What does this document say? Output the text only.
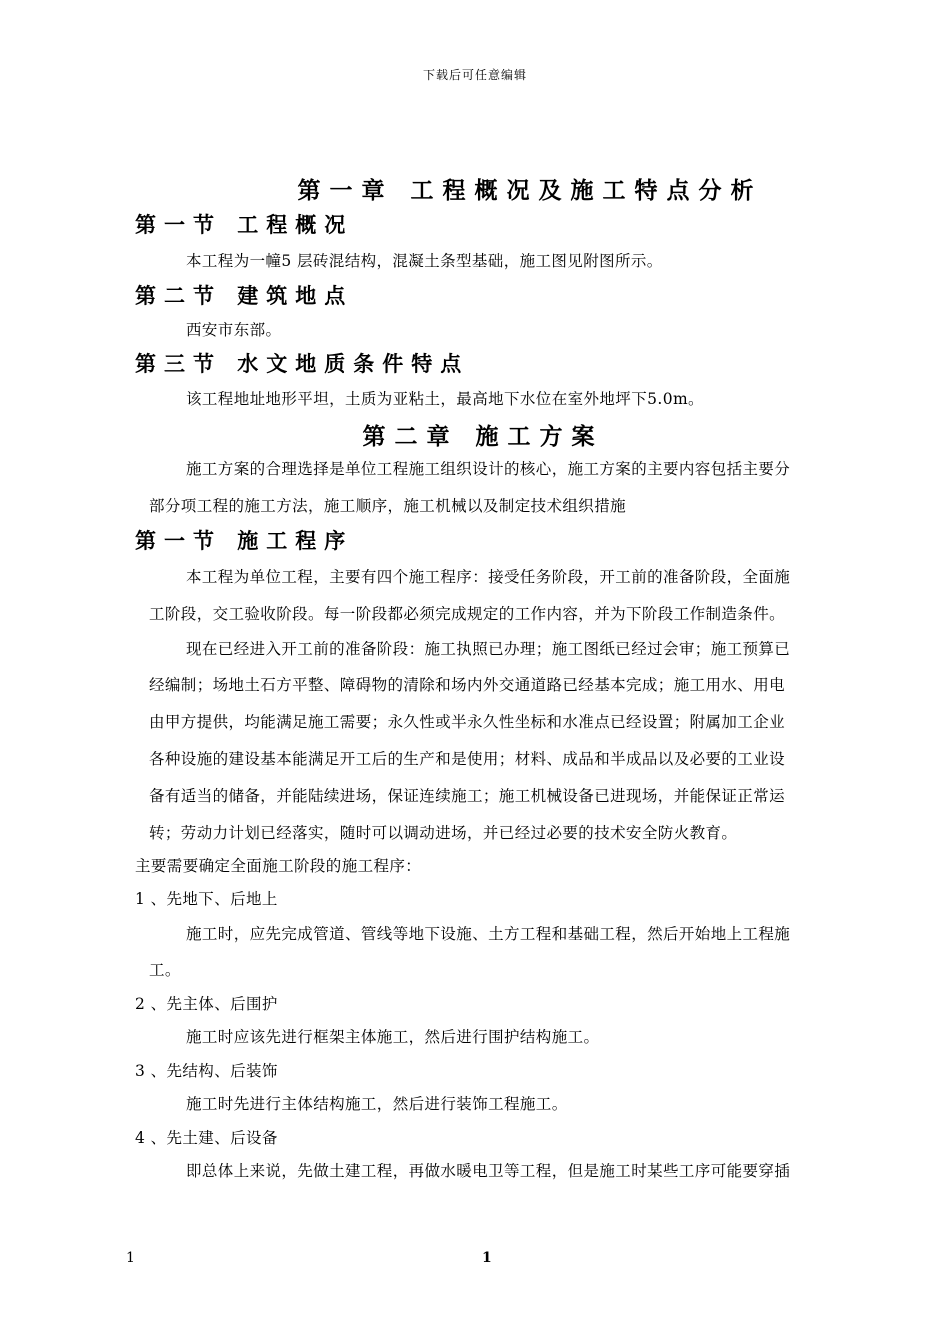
下载后可任意编辑
第一章 工程概况及施工特点分析
第一节 工程概况
本工程为一幢5 层砖混结构，混凝土条型基础，施工图见附图所示。
第二节 建筑地点
西安市东部。
第三节 水文地质条件特点
该工程地址地形平坦，土质为亚粘土，最高地下水位在室外地坪下5.0m。
第二章 施工方案
施工方案的合理选择是单位工程施工组织设计的核心，施工方案的主要内容包括主要分
部分项工程的施工方法，施工顺序，施工机械以及制定技术组织措施
第一节 施工程序
本工程为单位工程，主要有四个施工程序：接受任务阶段，开工前的准备阶段，全面施
工阶段，交工验收阶段。每一阶段都必须完成规定的工作内容，并为下阶段工作制造条件。
现在已经进入开工前的准备阶段：施工执照已办理；施工图纸已经过会审；施工预算已
经编制；场地土石方平整、障碍物的清除和场内外交通道路已经基本完成；施工用水、用电
由甲方提供，均能满足施工需要；永久性或半永久性坐标和水准点已经设置；附属加工企业
各种设施的建设基本能满足开工后的生产和是使用；材料、成品和半成品以及必要的工业设
备有适当的储备，并能陆续进场，保证连续施工；施工机械设备已进现场，并能保证正常运
转；劳动力计划已经落实，随时可以调动进场，并已经过必要的技术安全防火教育。
主要需要确定全面施工阶段的施工程序：
1 、先地下、后地上
施工时，应先完成管道、管线等地下设施、土方工程和基础工程，然后开始地上工程施
工。
2 、先主体、后围护
施工时应该先进行框架主体施工，然后进行围护结构施工。
3 、先结构、后装饰
施工时先进行主体结构施工，然后进行装饰工程施工。
4 、先土建、后设备
即总体上来说，先做土建工程，再做水暖电卫等工程，但是施工时某些工序可能要穿插
1	1
